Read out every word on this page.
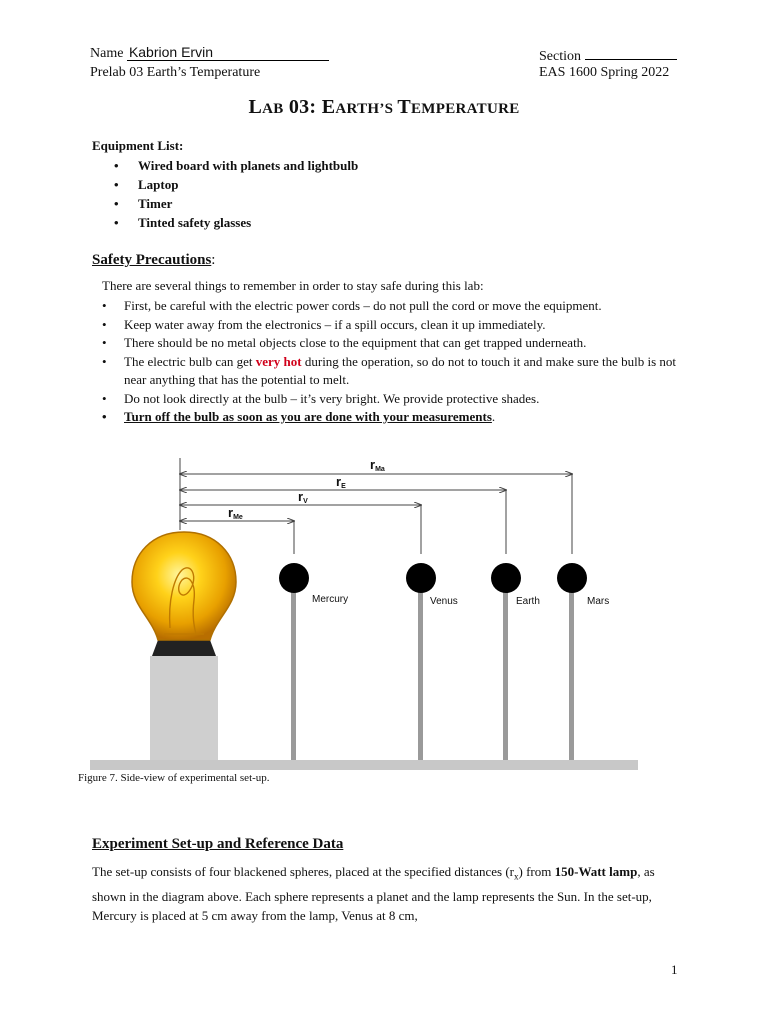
Name Kabrion Ervin	Section
Prelab 03 Earth’s Temperature	EAS 1600 Spring 2022
LAB 03: EARTH’S TEMPERATURE
Equipment List:
• Wired board with planets and lightbulb
• Laptop
• Timer
• Tinted safety glasses
Safety Precautions:
There are several things to remember in order to stay safe during this lab:
• First, be careful with the electric power cords – do not pull the cord or move the equipment.
• Keep water away from the electronics – if a spill occurs, clean it up immediately.
• There should be no metal objects close to the equipment that can get trapped underneath.
• The electric bulb can get very hot during the operation, so do not to touch it and make sure the bulb is not near anything that has the potential to melt.
• Do not look directly at the bulb – it’s very bright. We provide protective shades.
• Turn off the bulb as soon as you are done with your measurements.
rMa
rE
rV
rMe
Mercury	Venus	Earth	Mars
Figure 7. Side-view of experimental set-up.
Experiment Set-up and Reference Data
The set-up consists of four blackened spheres, placed at the specified distances $(r_x)$ from 150-Watt lamp, as shown in the diagram above. Each sphere represents a planet and the lamp represents the Sun. In the set-up, Mercury is placed at 5 cm away from the lamp, Venus at 8 cm,
1
